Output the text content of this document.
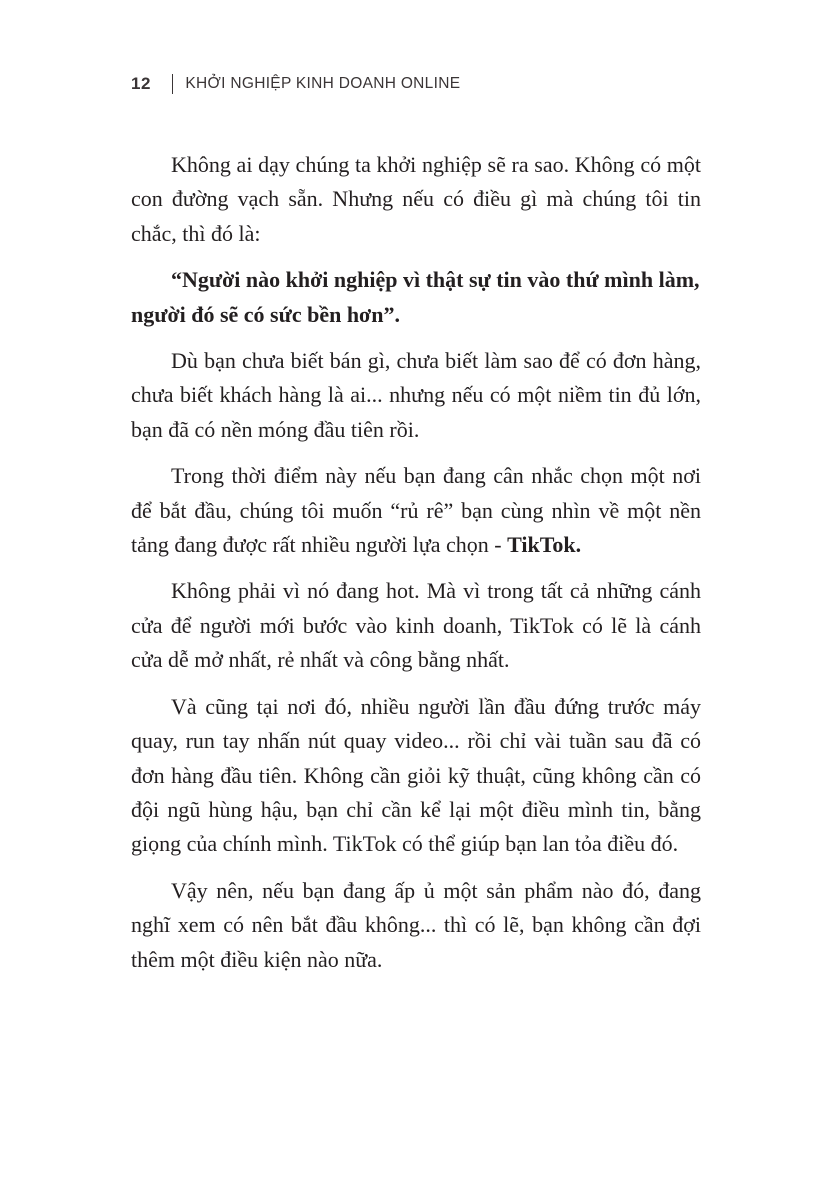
12 KHỞI NGHIỆP KINH DOANH ONLINE

Không ai dạy chúng ta khởi nghiệp sẽ ra sao. Không có một con đường vạch sẵn. Nhưng nếu có điều gì mà chúng tôi tin chắc, thì đó là:

“Người nào khởi nghiệp vì thật sự tin vào thứ mình làm, người đó sẽ có sức bền hơn”.

Dù bạn chưa biết bán gì, chưa biết làm sao để có đơn hàng, chưa biết khách hàng là ai... nhưng nếu có một niềm tin đủ lớn, bạn đã có nền móng đầu tiên rồi.

Trong thời điểm này nếu bạn đang cân nhắc chọn một nơi để bắt đầu, chúng tôi muốn “rủ rê” bạn cùng nhìn về một nền tảng đang được rất nhiều người lựa chọn - TikTok.

Không phải vì nó đang hot. Mà vì trong tất cả những cánh cửa để người mới bước vào kinh doanh, TikTok có lẽ là cánh cửa dễ mở nhất, rẻ nhất và công bằng nhất.

Và cũng tại nơi đó, nhiều người lần đầu đứng trước máy quay, run tay nhấn nút quay video... rồi chỉ vài tuần sau đã có đơn hàng đầu tiên. Không cần giỏi kỹ thuật, cũng không cần có đội ngũ hùng hậu, bạn chỉ cần kể lại một điều mình tin, bằng giọng của chính mình. TikTok có thể giúp bạn lan tỏa điều đó.

Vậy nên, nếu bạn đang ấp ủ một sản phẩm nào đó, đang nghĩ xem có nên bắt đầu không... thì có lẽ, bạn không cần đợi thêm một điều kiện nào nữa.
